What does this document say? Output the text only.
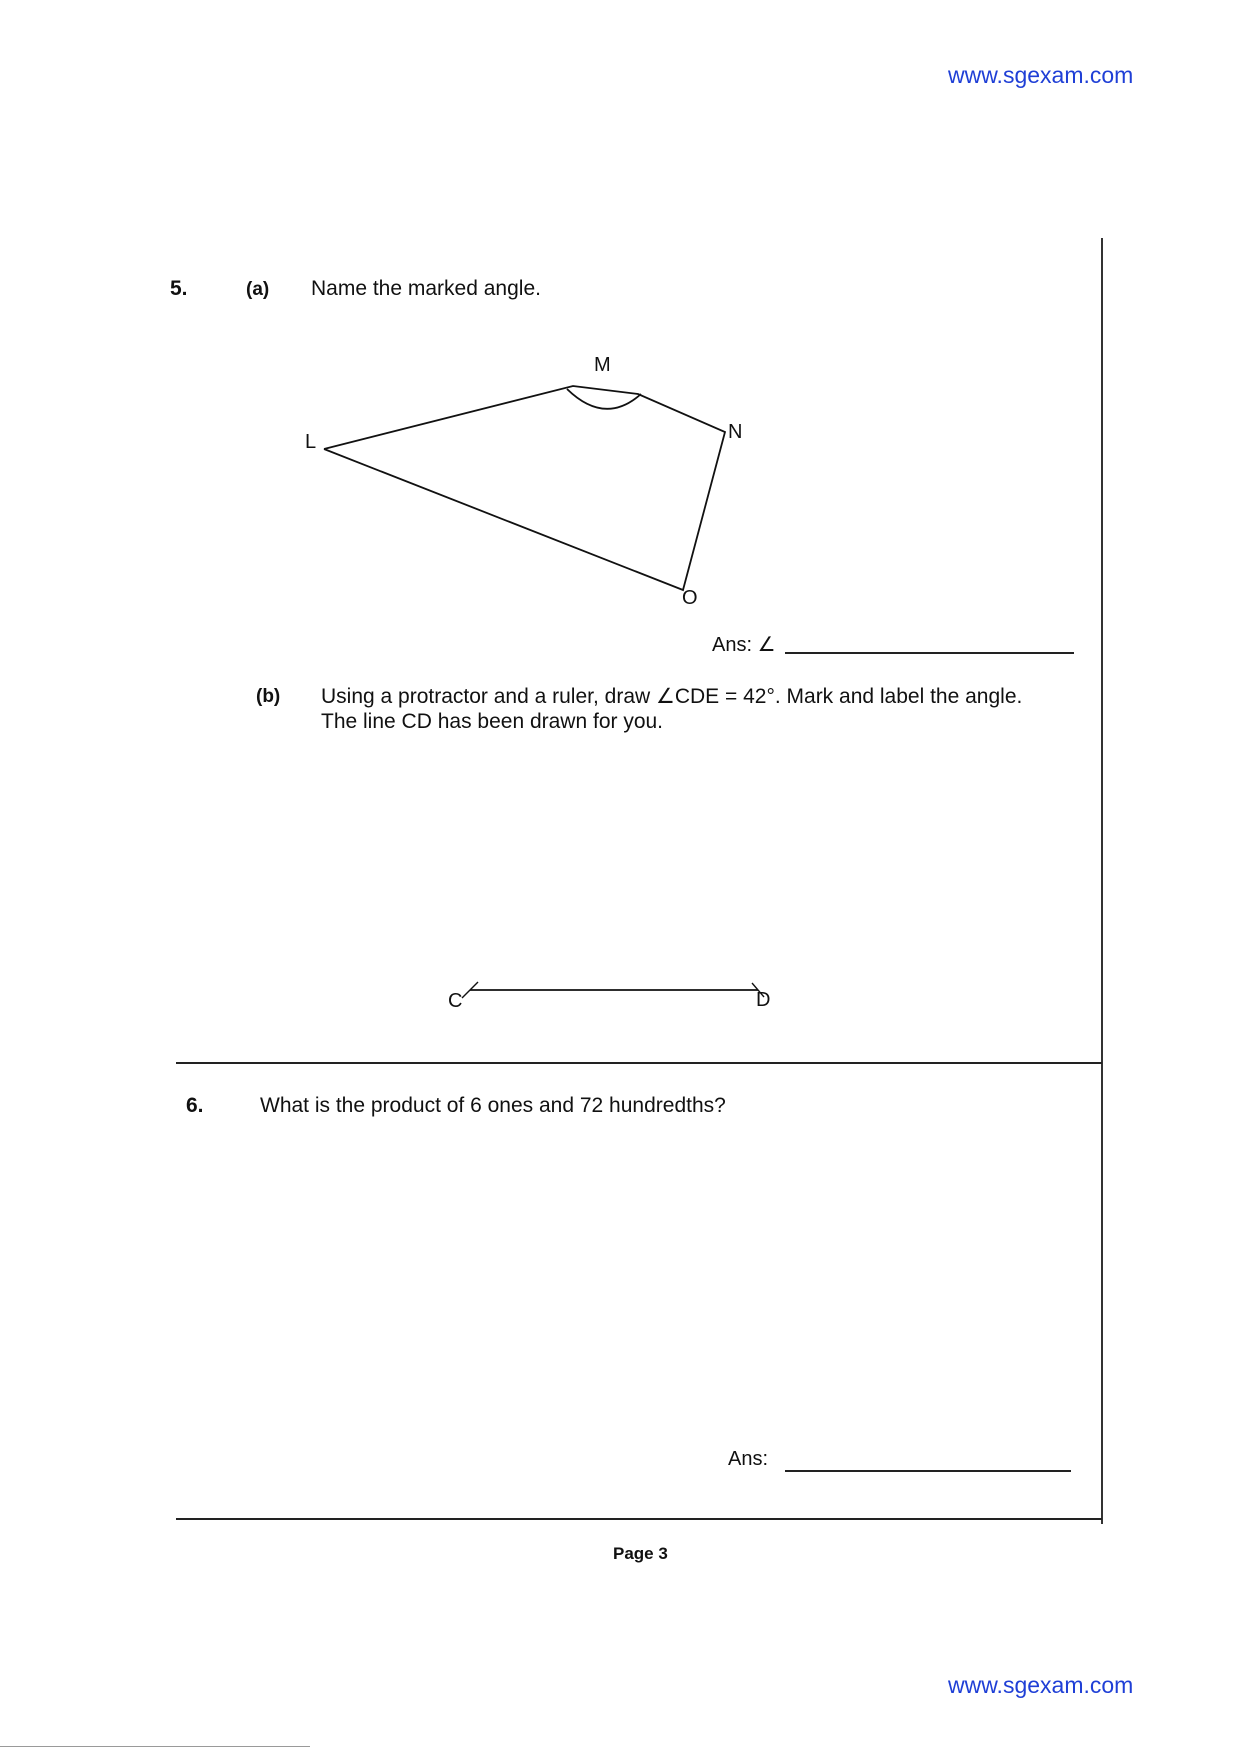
www.sgexam.com
5.	(a) Name the marked angle.
M
N
L
O
Ans: ∠
(b) Using a protractor and a ruler, draw ∠CDE = 42°. Mark and label the angle.
The line CD has been drawn for you.
C	D
6.	What is the product of 6 ones and 72 hundredths?
Ans:
Page 3
www.sgexam.com
